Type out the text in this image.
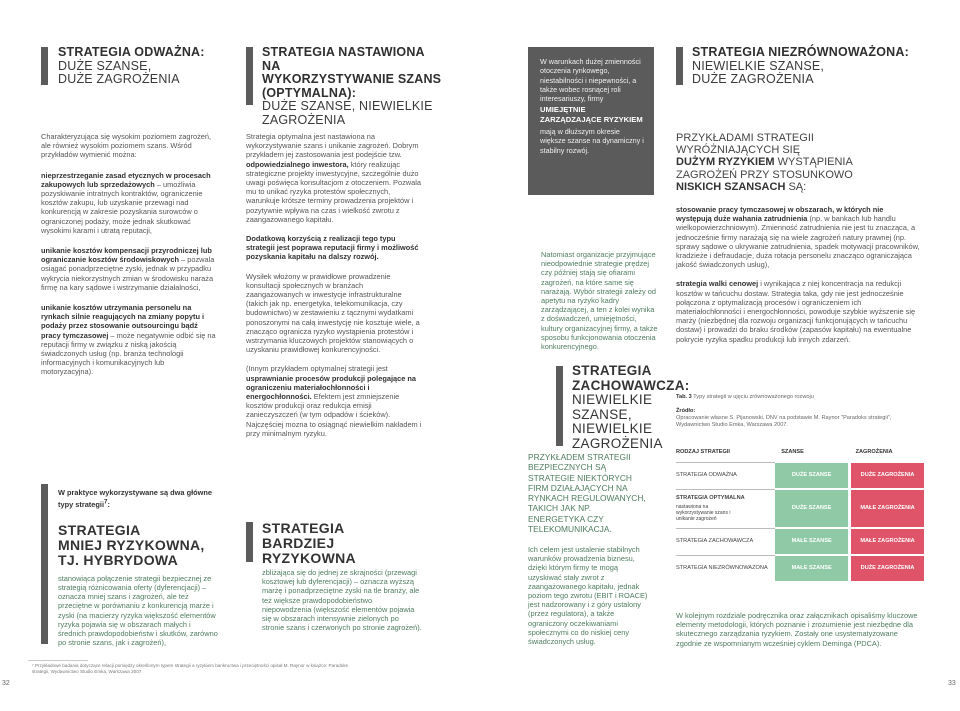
STRATEGIA ODWAŻNA:
DUŻE SZANSE,
DUŻE ZAGROŻENIA

Charakteryzująca się wysokim poziomem zagrożeń, ale również wysokim poziomem szans. Wśród przykładów wymienić można:

nieprzestrzeganie zasad etycznych w procesach zakupowych lub sprzedażowych – umożliwia pozyskiwanie intratnych kontraktów, ograniczenie kosztów zakupu, lub uzyskanie przewagi nad konkurencją w zakresie pozyskania surowców o ograniczonej podaży, może jednak skutkować wysokimi karami i utratą reputacji,

unikanie kosztów kompensacji przyrodniczej lub ograniczanie kosztów środowiskowych – pozwala osiągać ponadprzeciętne zyski, jednak w przypadku wykrycia niekorzystnych zmian w środowisku naraża firmę na kary sądowe i wstrzymanie działalności,

unikanie kosztów utrzymania personelu na rynkach silnie reagujących na zmiany popytu i podaży przez stosowanie outsourcingu bądź pracy tymczasowej – może negatywnie odbić się na reputacji firmy w związku z niską jakością świadczonych usług (np. branża technologii informacyjnych i komunikacyjnych lub motoryzacyjna).

W praktyce wykorzystywane są dwa główne typy strategii$^7$:

STRATEGIA
MNIEJ RYZYKOWNA,
TJ. HYBRYDOWA

stanowiąca połączenie strategii bezpiecznej ze strategią różnicowania oferty (dyferencjacji) – oznacza mniej szans i zagrożeń, ale też przeciętne w porównaniu z konkurencją marże i zyski (na macierzy ryzyka większość elementów ryzyka pojawia się w obszarach małych i średnich prawdopodobieństw i skutków, zarówno po stronie szans, jak i zagrożeń),

⁷ Przykładowe badania dotyczące relacji pomiędzy określonym typem strategii a ryzykiem bankructwa i przeciętności opisał M. Raynor w książce: Paradoks strategii, Wydawnictwo Studio Emka, Warszawa 2007.
32
STRATEGIA NASTAWIONA NA
WYKORZYSTYWANIE SZANS
(OPTYMALNA):
DUŻE SZANSE, NIEWIELKIE
ZAGROŻENIA

Strategia optymalna jest nastawiona na wykorzystywanie szans i unikanie zagrożeń. Dobrym przykładem jej zastosowania jest podejście tzw. odpowiedzialnego inwestora, który realizując strategiczne projekty inwestycyjne, szczególnie dużo uwagi poświęca konsultacjom z otoczeniem. Pozwala mu to unikać ryzyka protestów społecznych, warunkuje krótsze terminy prowadzenia projektów i pozytywnie wpływa na czas i wielkość zwrotu z zaangażowanego kapitału.

Dodatkową korzyścią z realizacji tego typu strategii jest poprawa reputacji firmy i możliwość pozyskania kapitału na dalszy rozwój.

Wysiłek włożony w prawidłowe prowadzenie konsultacji społecznych w branżach zaangażowanych w inwestycje infrastrukturalne (takich jak np. energetyka, telekomunikacja, czy budownictwo) w zestawieniu z tącznymi wydatkami ponoszonymi na całą inwestycję nie kosztuje wiele, a znacząco ogranicza ryzyko wystąpienia protestów i wstrzymania kluczowych projektów stanowiących o uzyskaniu prawidłowej konkurencyjności.

(Innym przykładem optymalnej strategii jest usprawnianie procesów produkcji polegające na ograniczeniu materiałochłonności i energochłonności. Efektem jest zmniejszenie kosztów produkcji oraz redukcja emisji zanieczyszczeń (w tym odpadów i ścieków). Najczęściej mozna to osiągnąć niewielkim nakładem i przy minimalnym ryzyku.

STRATEGIA
BARDZIEJ
RYZYKOWNA

zbliżająca się do jednej ze skrajności (przewagi kosztowej lub dyferencjacji) – oznacza wyższą marżę i ponadprzeciętne zyski na tle branży, ale też większe prawdopodobieństwo niepowodzenia (większość elementów pojawia się w obszarach intensywnie zielonych po stronie szans i czerwonych po stronie zagrożeń).

W warunkach dużej zmienności otoczenia rynkowego, niestabilności i niepewności, a także wobec rosnącej roli interesariuszy, firmy

UMIEJĘTNIE ZARZĄDZAJĄCE RYZYKIEM
mają w dłuższym okresie większe szanse na dynamiczny i stabilny rozwój.

Natomiast organizacje przyjmujące nieodpowiednie strategie prędzej czy później stają się ofiarami zagrożeń, na które same się narażają. Wybór strategii zależy od apetytu na ryzyko kadry zarządzającej, a ten z kolei wynika z doświadczeń, umiejętności, kultury organizacyjnej firmy, a także sposobu funkcjonowania otoczenia konkurencyjnego.

STRATEGIA
ZACHOWAWCZA:
NIEWIELKIE
SZANSE,
NIEWIELKIE
ZAGROŻENIA
PRZYKŁADEM STRATEGII BEZPIECZNYCH SĄ STRATEGIE NIEKTÓRYCH FIRM DZIAŁAJĄCYCH NA RYNKACH REGULOWANYCH, TAKICH JAK NP. ENERGETYKA CZY TELEKOMUNIKACJA.

Ich celem jest ustalenie stabilnych warunków prowadzenia biznesu, dzięki którym firmy te mogą uzyskiwać stały zwrot z zaangażowanego kapitału, jednak poziom tego zwrotu (EBIT i ROACE) jest nadzorowany i z góry ustalony (przez regulatora), a także ograniczony oczekiwaniami społecznymi co do niskiej ceny świadczonych usług.

STRATEGIA NIEZRÓWNOWAŻONA:
NIEWIELKIE SZANSE,
DUŻE ZAGROŻENIA
PRZYKŁADAMI STRATEGII
WYRÓŻNIAJĄCYCH SIĘ
DUŻYM RYZYKIEM WYSTĄPIENIA
ZAGROŻEŃ PRZY STOSUNKOWO
NISKICH SZANSACH SĄ:

stosowanie pracy tymczasowej w obszarach, w których nie występują duże wahania zatrudnienia (np. w bankach lub handlu wielkopowierzchniowym). Zmienność zatrudnienia nie jest tu znacząca, a jednocześnie firmy narażają się na wiele zagrożeń natury prawnej (np. sprawy sądowe o ukrywanie zatrudnienia, spadek motywacji pracowników, kradzieże i defraudacje, duża rotacja personelu znacząco ograniczająca jakość świadczonych usług),

strategia walki cenowej i wynikająca z niej koncentracja na redukcji kosztów w tańcuchu dostaw. Strategia taka, gdy nie jest jednocześnie połączona z optymalizacją procesów i ograniczeniem ich materiałochłonności i energochłonności, powoduje szybkie wyższenie się marży (niezbędnej dla rozwoju organizacji funkcjonujących w tańcuchu dostaw) i prowadzi do braku środków (zapasów kapitału) na ewentualne pokrycie ryzyka spadku produkcji lub innych zdarzeń.

Tab. 3 Typy strategii w ujęciu zrównoważonego rozwoju
Źródło:
Opracowanie własne S. Pijanowski, DNV na podstawie M. Raynor "Paradoks strategii", Wydawnictwo Studio Emka, Warszawa 2007.
RODZAJ STRATEGII	SZANSE	ZAGROŻENIA
STRATEGIA ODWAŻNA	DUŻE SZANSE	DUŻE ZAGROŻENIA
STRATEGIA OPTYMALNA
nastawiona na wykorzystywanie szans i unikanie zagrożeń	DUŻE SZANSE	MAŁE ZAGROŻENIA
STRATEGIA ZACHOWAWCZA	MAŁE SZANSE	MAŁE ZAGROŻENIA
STRATEGIA NIEZRÓWNOWAŻONA	MAŁE SZANSE	DUŻE ZAGROŻENIA

W kolejnym rozdziale podręcznika oraz załącznikach opisaliśmy kluczowe elementy metodologii, których poznanie i zrozumienie jest niezbędne dla skutecznego zarządzania ryzykiem. Zostały one usystematyzowane zgodnie ze wspomnianym wcześniej cyklem Deminga (PDCA).

33
